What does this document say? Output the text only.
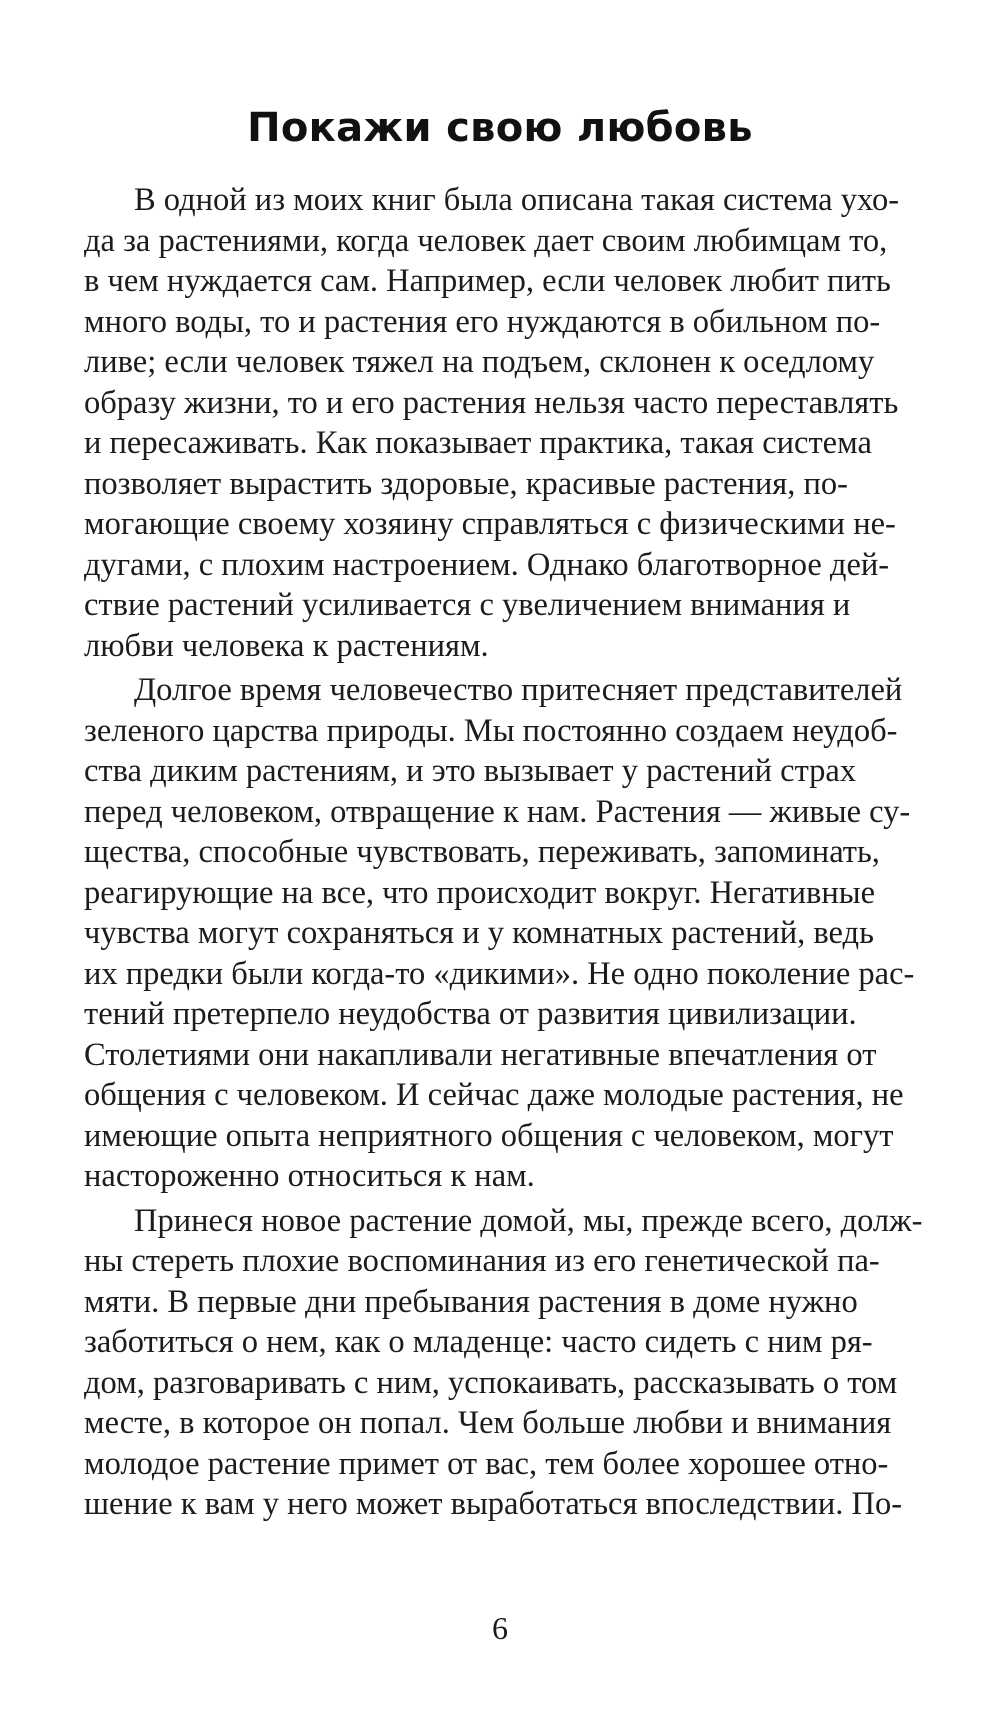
Покажи свою любовь

В одной из моих книг была описана такая система ухо-
да за растениями, когда человек дает своим любимцам то,
в чем нуждается сам. Например, если человек любит пить
много воды, то и растения его нуждаются в обильном по-
ливе; если человек тяжел на подъем, склонен к оседлому
образу жизни, то и его растения нельзя часто переставлять
и пересаживать. Как показывает практика, такая система
позволяет вырастить здоровые, красивые растения, по-
могающие своему хозяину справляться с физическими не-
дугами, с плохим настроением. Однако благотворное дей-
ствие растений усиливается с увеличением внимания и
любви человека к растениям.

Долгое время человечество притесняет представителей
зеленого царства природы. Мы постоянно создаем неудоб-
ства диким растениям, и это вызывает у растений страх
перед человеком, отвращение к нам. Растения — живые су-
щества, способные чувствовать, переживать, запоминать,
реагирующие на все, что происходит вокруг. Негативные
чувства могут сохраняться и у комнатных растений, ведь
их предки были когда-то «дикими». Не одно поколение рас-
тений претерпело неудобства от развития цивилизации.
Столетиями они накапливали негативные впечатления от
общения с человеком. И сейчас даже молодые растения, не
имеющие опыта неприятного общения с человеком, могут
настороженно относиться к нам.

Принеся новое растение домой, мы, прежде всего, долж-
ны стереть плохие воспоминания из его генетической па-
мяти. В первые дни пребывания растения в доме нужно
заботиться о нем, как о младенце: часто сидеть с ним ря-
дом, разговаривать с ним, успокаивать, рассказывать о том
месте, в которое он попал. Чем больше любви и внимания
молодое растение примет от вас, тем более хорошее отно-
шение к вам у него может выработаться впоследствии. По-

6
